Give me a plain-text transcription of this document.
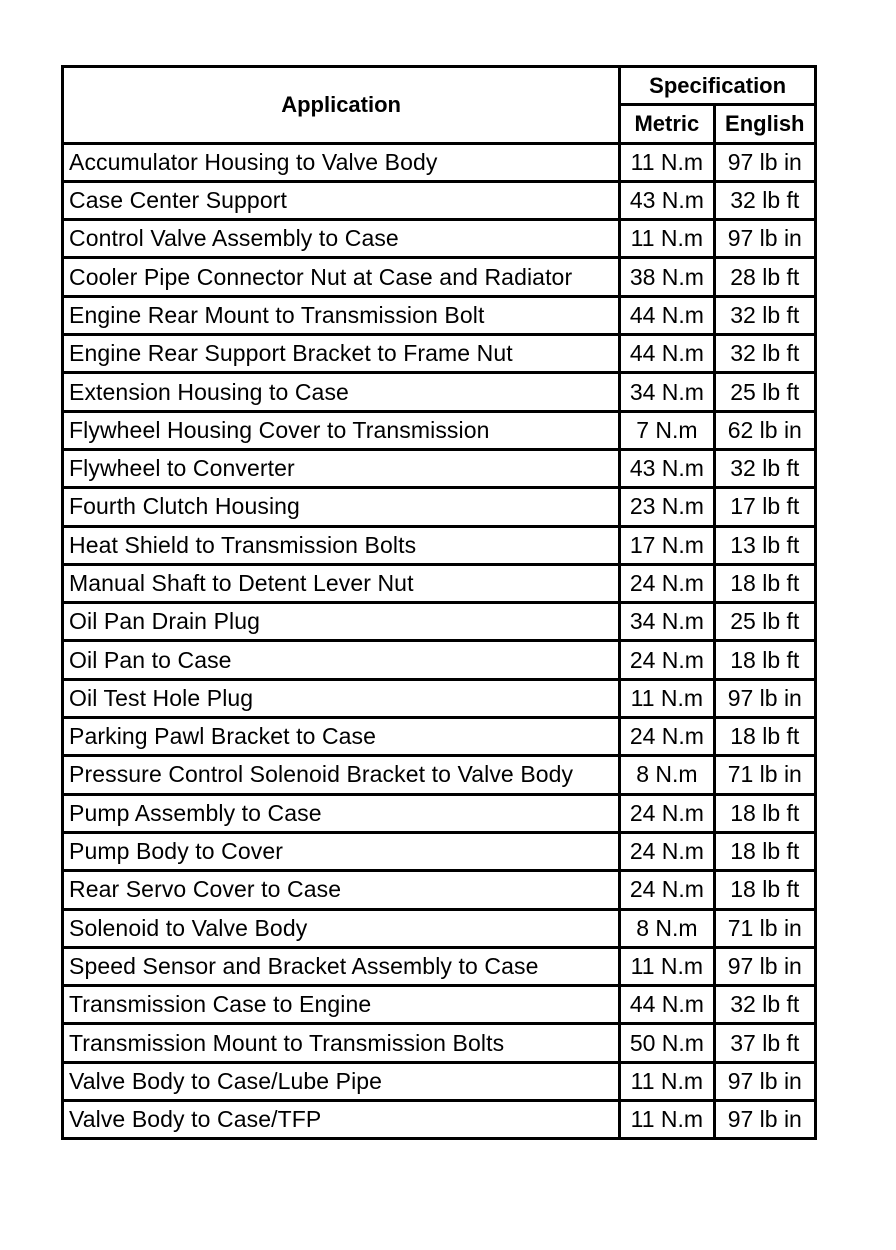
Application	Specification	
	Metric	English
Accumulator Housing to Valve Body	11 N.m	97 lb in
Case Center Support	43 N.m	32 lb ft
Control Valve Assembly to Case	11 N.m	97 lb in
Cooler Pipe Connector Nut at Case and Radiator	38 N.m	28 lb ft
Engine Rear Mount to Transmission Bolt	44 N.m	32 lb ft
Engine Rear Support Bracket to Frame Nut	44 N.m	32 lb ft
Extension Housing to Case	34 N.m	25 lb ft
Flywheel Housing Cover to Transmission	7 N.m	62 lb in
Flywheel to Converter	43 N.m	32 lb ft
Fourth Clutch Housing	23 N.m	17 lb ft
Heat Shield to Transmission Bolts	17 N.m	13 lb ft
Manual Shaft to Detent Lever Nut	24 N.m	18 lb ft
Oil Pan Drain Plug	34 N.m	25 lb ft
Oil Pan to Case	24 N.m	18 lb ft
Oil Test Hole Plug	11 N.m	97 lb in
Parking Pawl Bracket to Case	24 N.m	18 lb ft
Pressure Control Solenoid Bracket to Valve Body	8 N.m	71 lb in
Pump Assembly to Case	24 N.m	18 lb ft
Pump Body to Cover	24 N.m	18 lb ft
Rear Servo Cover to Case	24 N.m	18 lb ft
Solenoid to Valve Body	8 N.m	71 lb in
Speed Sensor and Bracket Assembly to Case	11 N.m	97 lb in
Transmission Case to Engine	44 N.m	32 lb ft
Transmission Mount to Transmission Bolts	50 N.m	37 lb ft
Valve Body to Case/Lube Pipe	11 N.m	97 lb in
Valve Body to Case/TFP	11 N.m	97 lb in
